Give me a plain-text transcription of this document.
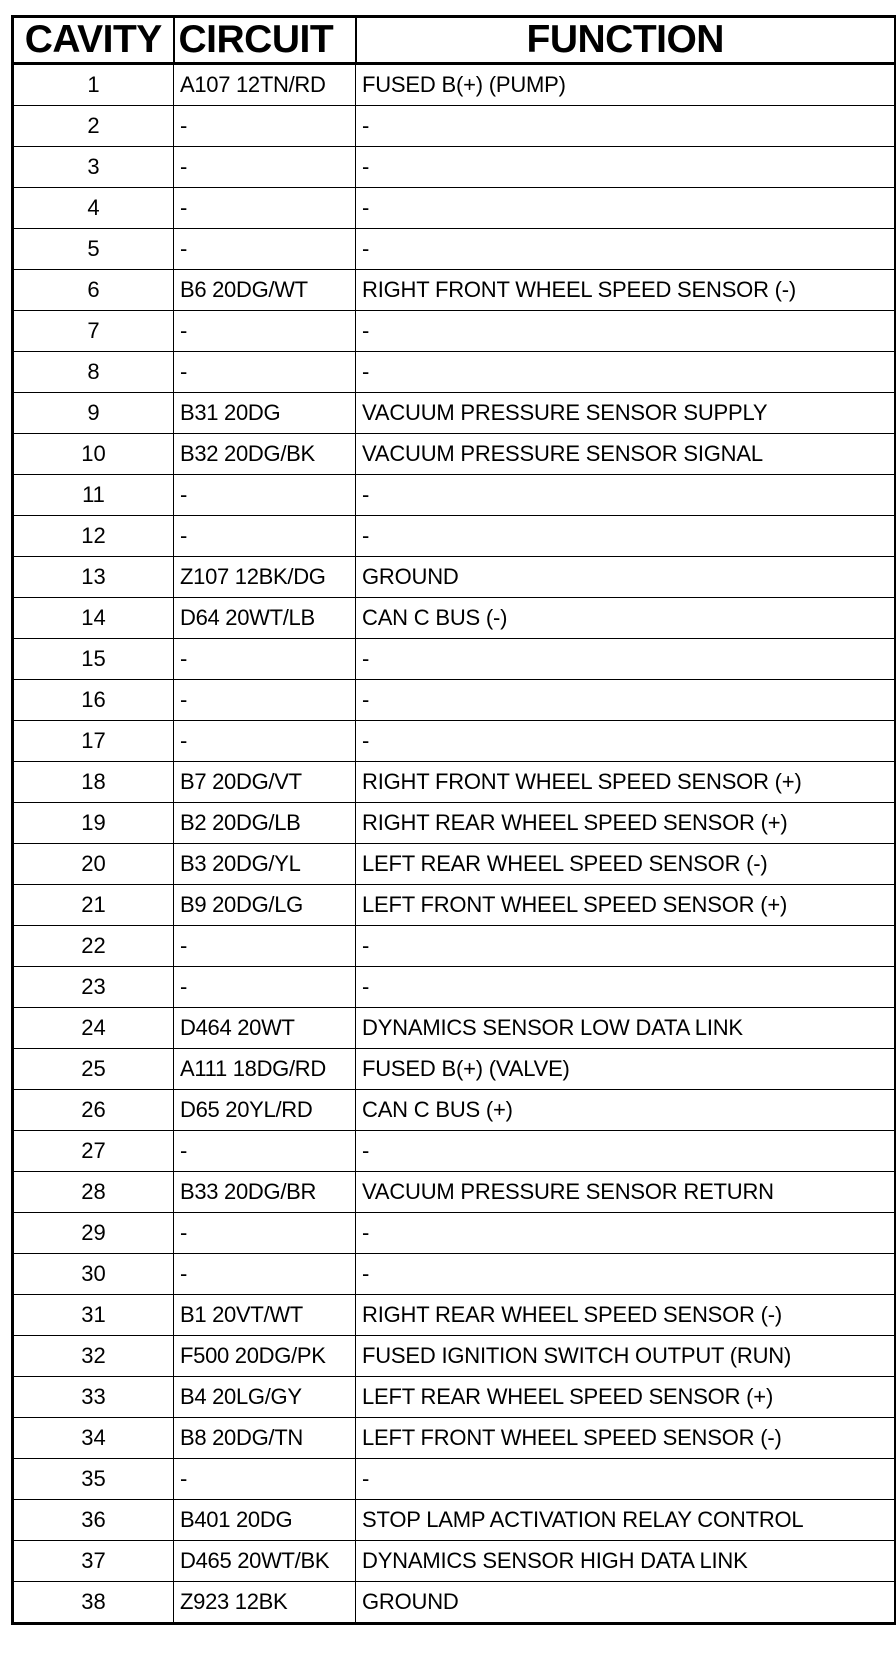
CAVITY	CIRCUIT	FUNCTION
1	A107 12TN/RD	FUSED B(+) (PUMP)
2	-	-
3	-	-
4	-	-
5	-	-
6	B6 20DG/WT	RIGHT FRONT WHEEL SPEED SENSOR (-)
7	-	-
8	-	-
9	B31 20DG	VACUUM PRESSURE SENSOR SUPPLY
10	B32 20DG/BK	VACUUM PRESSURE SENSOR SIGNAL
11	-	-
12	-	-
13	Z107 12BK/DG	GROUND
14	D64 20WT/LB	CAN C BUS (-)
15	-	-
16	-	-
17	-	-
18	B7 20DG/VT	RIGHT FRONT WHEEL SPEED SENSOR (+)
19	B2 20DG/LB	RIGHT REAR WHEEL SPEED SENSOR (+)
20	B3 20DG/YL	LEFT REAR WHEEL SPEED SENSOR (-)
21	B9 20DG/LG	LEFT FRONT WHEEL SPEED SENSOR (+)
22	-	-
23	-	-
24	D464 20WT	DYNAMICS SENSOR LOW DATA LINK
25	A111 18DG/RD	FUSED B(+) (VALVE)
26	D65 20YL/RD	CAN C BUS (+)
27	-	-
28	B33 20DG/BR	VACUUM PRESSURE SENSOR RETURN
29	-	-
30	-	-
31	B1 20VT/WT	RIGHT REAR WHEEL SPEED SENSOR (-)
32	F500 20DG/PK	FUSED IGNITION SWITCH OUTPUT (RUN)
33	B4 20LG/GY	LEFT REAR WHEEL SPEED SENSOR (+)
34	B8 20DG/TN	LEFT FRONT WHEEL SPEED SENSOR (-)
35	-	-
36	B401 20DG	STOP LAMP ACTIVATION RELAY CONTROL
37	D465 20WT/BK	DYNAMICS SENSOR HIGH DATA LINK
38	Z923 12BK	GROUND
